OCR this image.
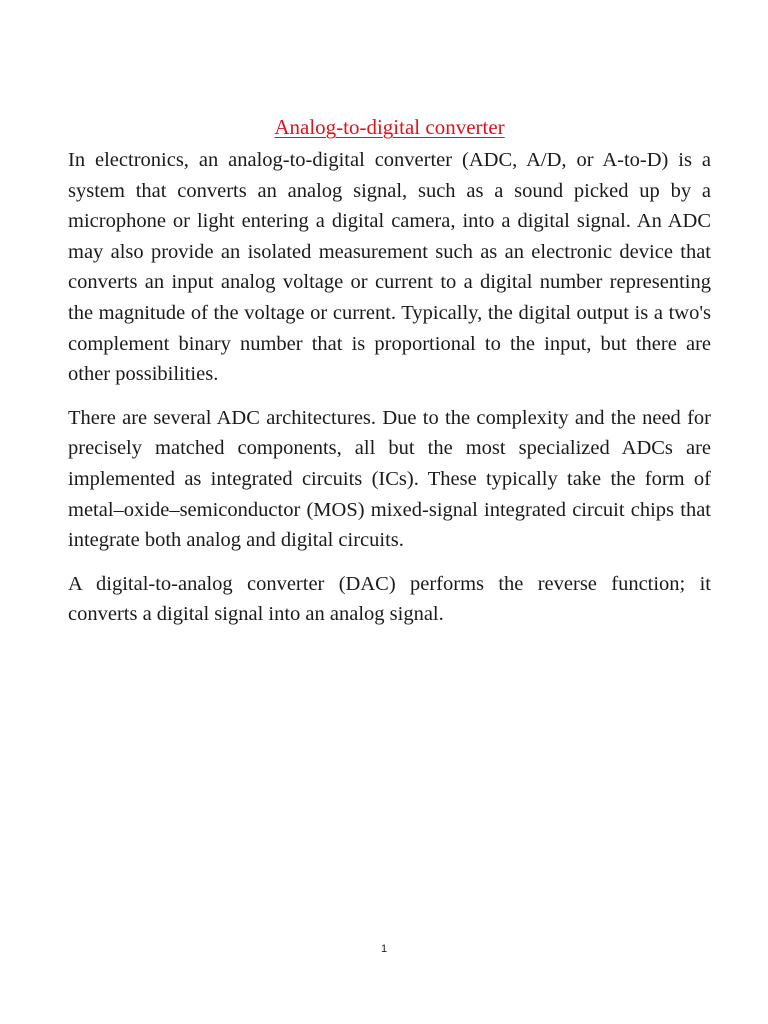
Analog-to-digital converter

In electronics, an analog-to-digital converter (ADC, A/D, or A-to-D) is a system that converts an analog signal, such as a sound picked up by a microphone or light entering a digital camera, into a digital signal. An ADC may also provide an isolated measurement such as an electronic device that converts an input analog voltage or current to a digital number representing the magnitude of the voltage or current. Typically, the digital output is a two's complement binary number that is proportional to the input, but there are other possibilities.

There are several ADC architectures. Due to the complexity and the need for precisely matched components, all but the most specialized ADCs are implemented as integrated circuits (ICs). These typically take the form of metal–oxide–semiconductor (MOS) mixed-signal integrated circuit chips that integrate both analog and digital circuits.

A digital-to-analog converter (DAC) performs the reverse function; it converts a digital signal into an analog signal.

1
